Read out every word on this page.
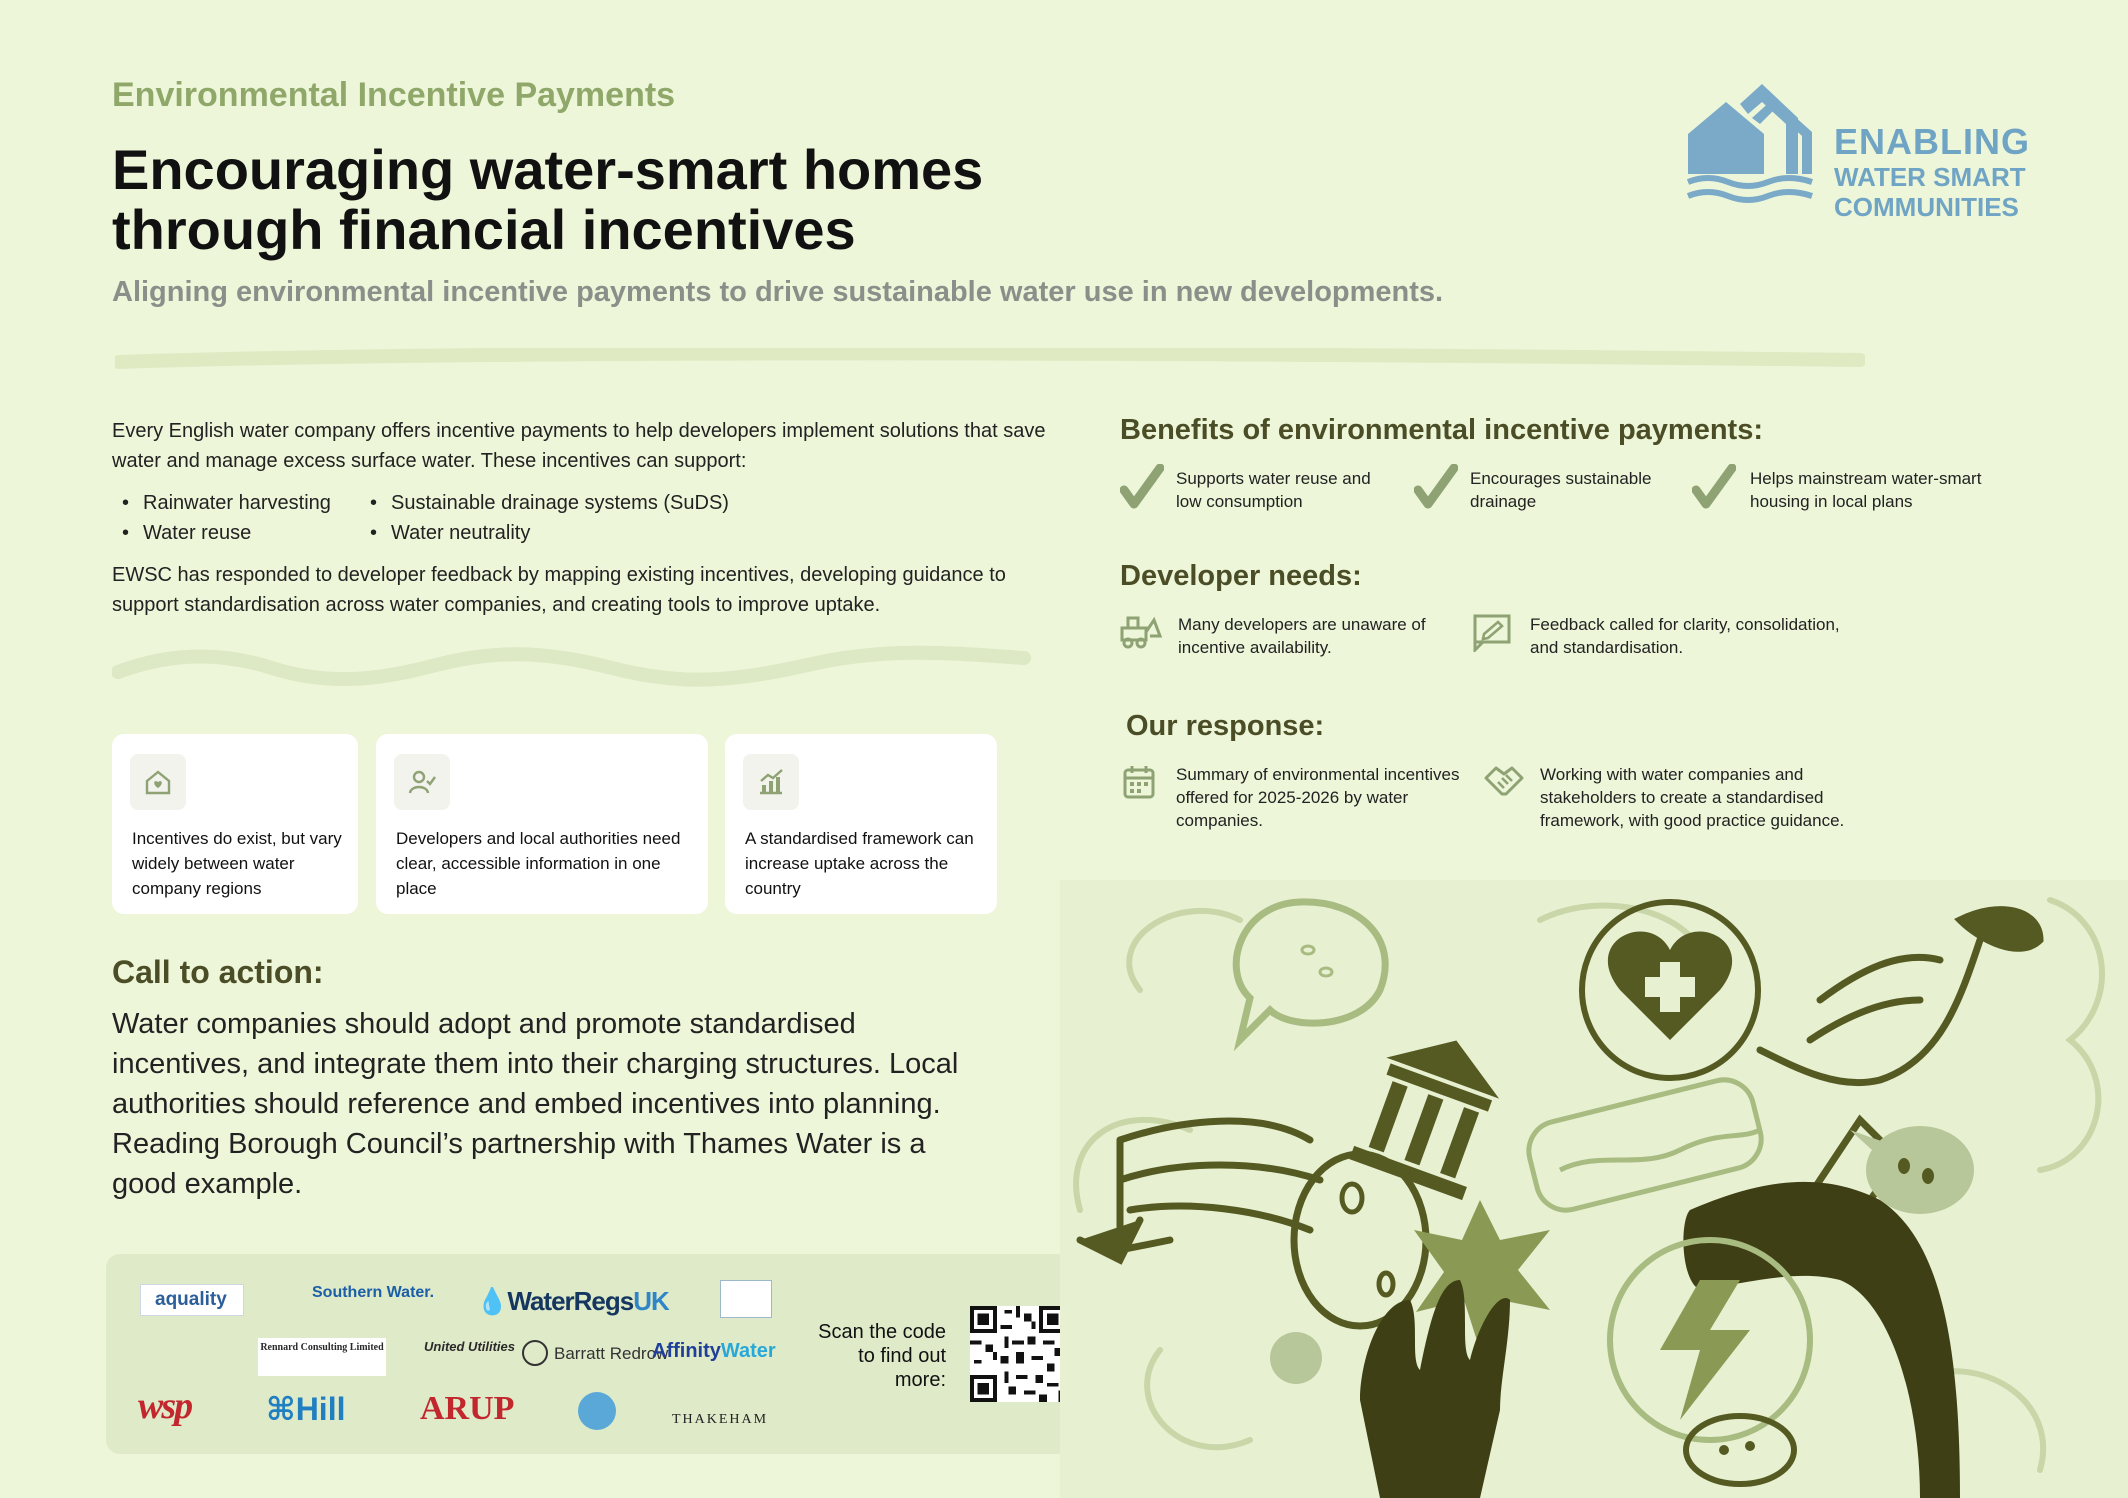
Environmental Incentive Payments
Encouraging water-smart homes
through financial incentives
Aligning environmental incentive payments to drive sustainable water use in new developments.
ENABLING
WATER SMART
COMMUNITIES
Every English water company offers incentive payments to help developers implement solutions that save water and manage excess surface water. These incentives can support:
• Rainwater harvesting
• Water reuse
• Sustainable drainage systems (SuDS)
• Water neutrality
EWSC has responded to developer feedback by mapping existing incentives, developing guidance to support standardisation across water companies, and creating tools to improve uptake.
Incentives do exist, but vary widely between water company regions
Developers and local authorities need clear, accessible information in one place
A standardised framework can increase uptake across the country
Call to action:
Water companies should adopt and promote standardised incentives, and integrate them into their charging structures. Local authorities should reference and embed incentives into planning. Reading Borough Council’s partnership with Thames Water is a good example.
aquality	Southern Water. 💧WaterRegsUK
Rennard Consulting Limited	United Utilities	Barratt Redrow
AffinityWater
wsp ⌘Hill ARUP	THAKEHAM
Scan the code to find out more:
Benefits of environmental incentive payments:
Supports water reuse and low consumption
Encourages sustainable drainage
Helps mainstream water-smart housing in local plans
Developer needs:
Many developers are unaware of incentive availability.
Feedback called for clarity, consolidation, and standardisation.
Our response:
Summary of environmental incentives offered for 2025-2026 by water companies.
Working with water companies and stakeholders to create a standardised framework, with good practice guidance.
